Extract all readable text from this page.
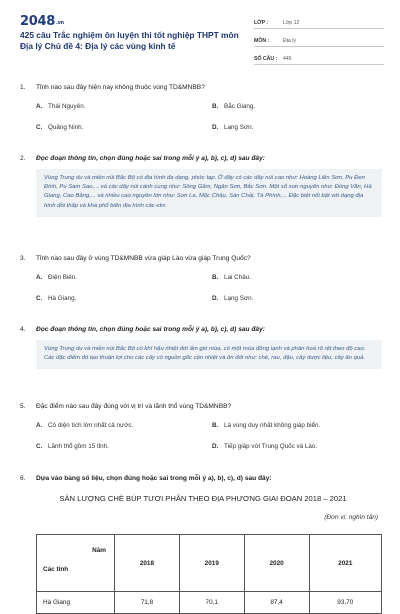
2048.vn
425 câu Trắc nghiệm ôn luyện thi tốt nghiệp THPT môn Địa lý Chủ đề 4: Địa lý các vùng kinh tế
LỚP :	Lớp 12
MÔN :	Địa lý
SỐ CÂU :	445
1.	Tỉnh nào sau đây hiện nay không thuộc vùng TD&MNBB?
A. Thái Nguyên.	B. Bắc Giang.
C. Quảng Ninh.	D. Lạng Sơn.
2.	Đọc đoạn thông tin, chọn đúng hoặc sai trong mỗi ý a), b), c), d) sau đây:
Vùng Trung du và miền núi Bắc Bộ có địa hình đa dạng, phức tạp. Ở đây có các dãy núi cao như: Hoàng Liên Sơn, Pu Đen Đinh, Pu Sam Sao,... và các dãy núi cánh cung như: Sông Gâm, Ngân Sơn, Bắc Sơn. Một số sơn nguyên như: Đồng Văn, Hà Giang, Cao Bằng,... và nhiều cao nguyên lớn như: Sơn La, Mộc Châu, Sán Chải, Tà Phình,... Đặc biệt nổi bật với dạng địa hình đồi thấp và khá phổ biến địa hình các-xtơ.
3.	Tỉnh nào sau đây ở vùng TD&MNBB vừa giáp Lào vừa giáp Trung Quốc?
A. Điện Biên.	B. Lai Châu.
C. Hà Giang.	D. Lạng Sơn.
4.	Đọc đoạn thông tin, chọn đúng hoặc sai trong mỗi ý a), b), c), d) sau đây:
Vùng Trung du và miền núi Bắc Bộ có khí hậu nhiệt đới ẩm gió mùa, có một mùa đông lạnh và phân hoá rõ rệt theo độ cao. Các đặc điểm đó tạo thuận lợi cho các cây có nguồn gốc cận nhiệt và ôn đới như: chè, rau, đậu, cây dược liệu, cây ăn quả.
5.	Đặc điểm nào sau đây đúng với vị trí và lãnh thổ vùng TD&MNBB?
A. Có diện tích lớn nhất cả nước.	B. Là vùng duy nhất không giáp biển.
C. Lãnh thổ gồm 15 tỉnh.	D. Tiếp giáp với Trung Quốc và Lào.
6.	Dựa vào bảng số liệu, chọn đúng hoặc sai trong mỗi ý a), b), c), d) sau đây:
SẢN LƯỢNG CHÈ BÚP TƯƠI PHÂN THEO ĐỊA PHƯƠNG GIAI ĐOẠN 2018 – 2021
(Đơn vị: nghìn tấn)
Năm
Các tỉnh	2018	2019	2020	2021
Hà Giang	71,8	70,1	87,4	93,70
